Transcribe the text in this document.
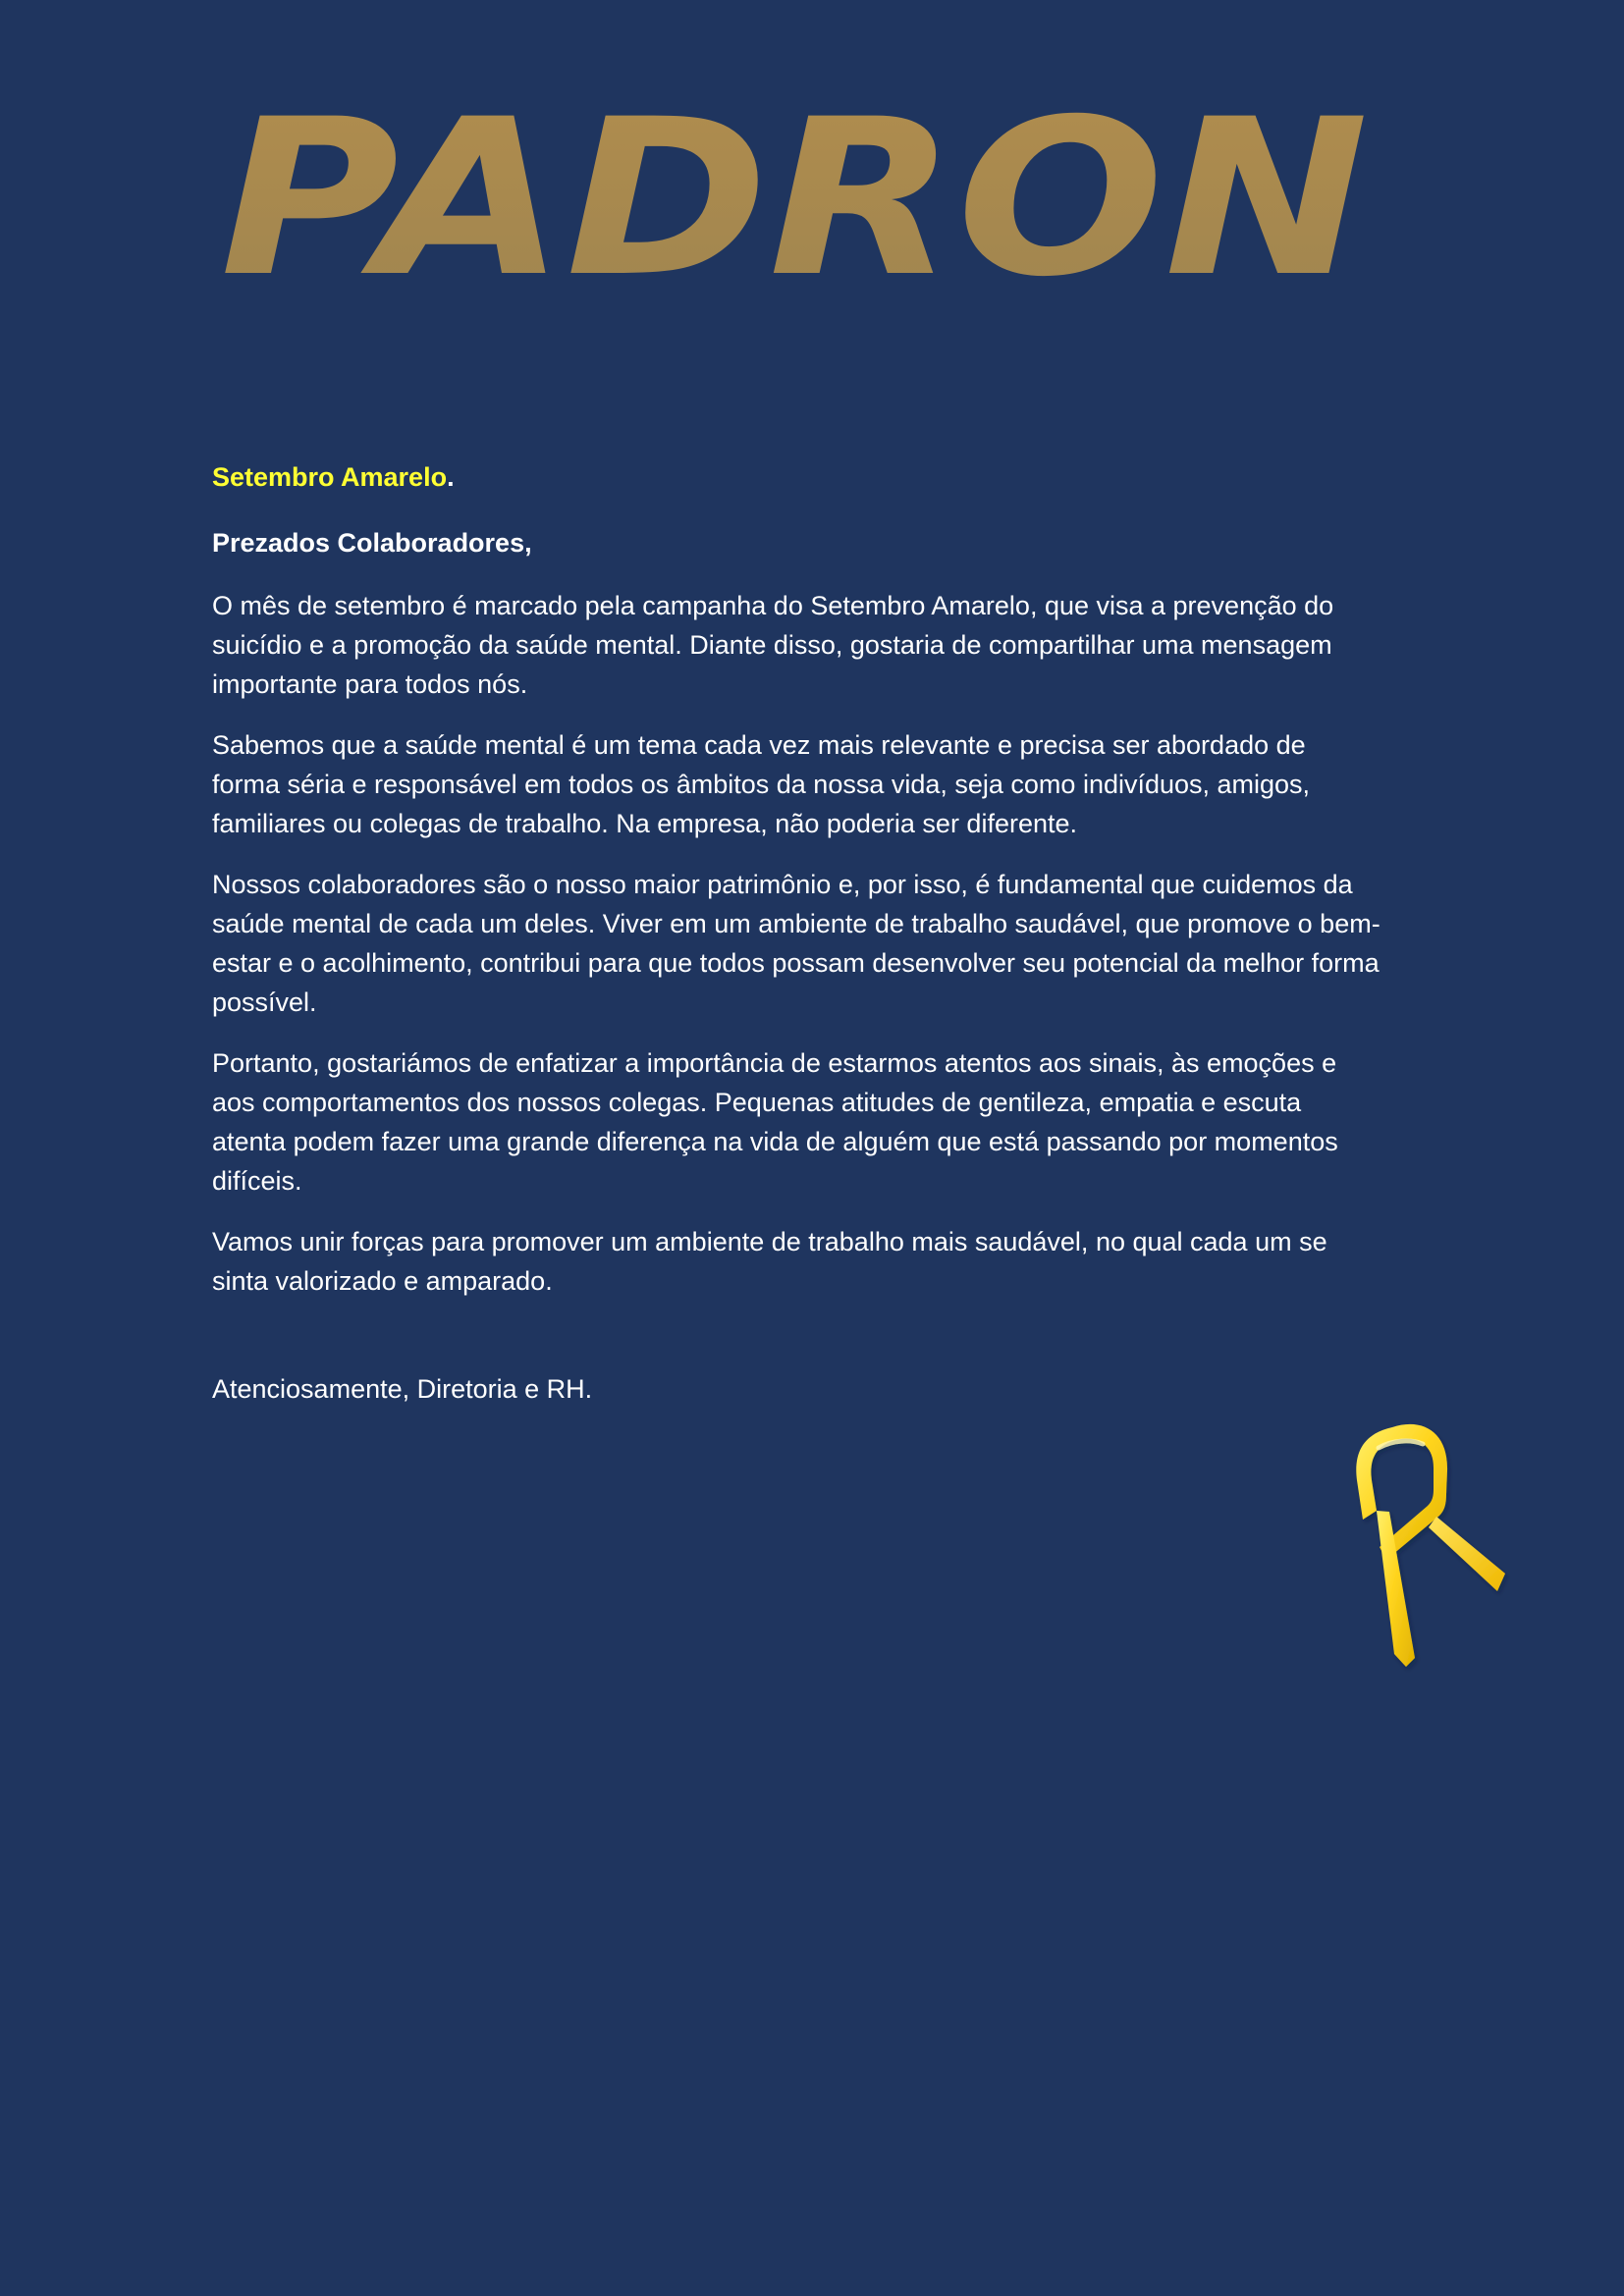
PADRON

Setembro Amarelo.

Prezados Colaboradores,

O mês de setembro é marcado pela campanha do Setembro Amarelo, que visa a prevenção do suicídio e a promoção da saúde mental. Diante disso, gostaria de compartilhar uma mensagem importante para todos nós.

Sabemos que a saúde mental é um tema cada vez mais relevante e precisa ser abordado de forma séria e responsável em todos os âmbitos da nossa vida, seja como indivíduos, amigos, familiares ou colegas de trabalho. Na empresa, não poderia ser diferente.

Nossos colaboradores são o nosso maior patrimônio e, por isso, é fundamental que cuidemos da saúde mental de cada um deles. Viver em um ambiente de trabalho saudável, que promove o bem-estar e o acolhimento, contribui para que todos possam desenvolver seu potencial da melhor forma possível.

Portanto, gostariámos de enfatizar a importância de estarmos atentos aos sinais, às emoções e aos comportamentos dos nossos colegas. Pequenas atitudes de gentileza, empatia e escuta atenta podem fazer uma grande diferença na vida de alguém que está passando por momentos difíceis.

Vamos unir forças para promover um ambiente de trabalho mais saudável, no qual cada um se sinta valorizado e amparado.

Atenciosamente, Diretoria e RH.
